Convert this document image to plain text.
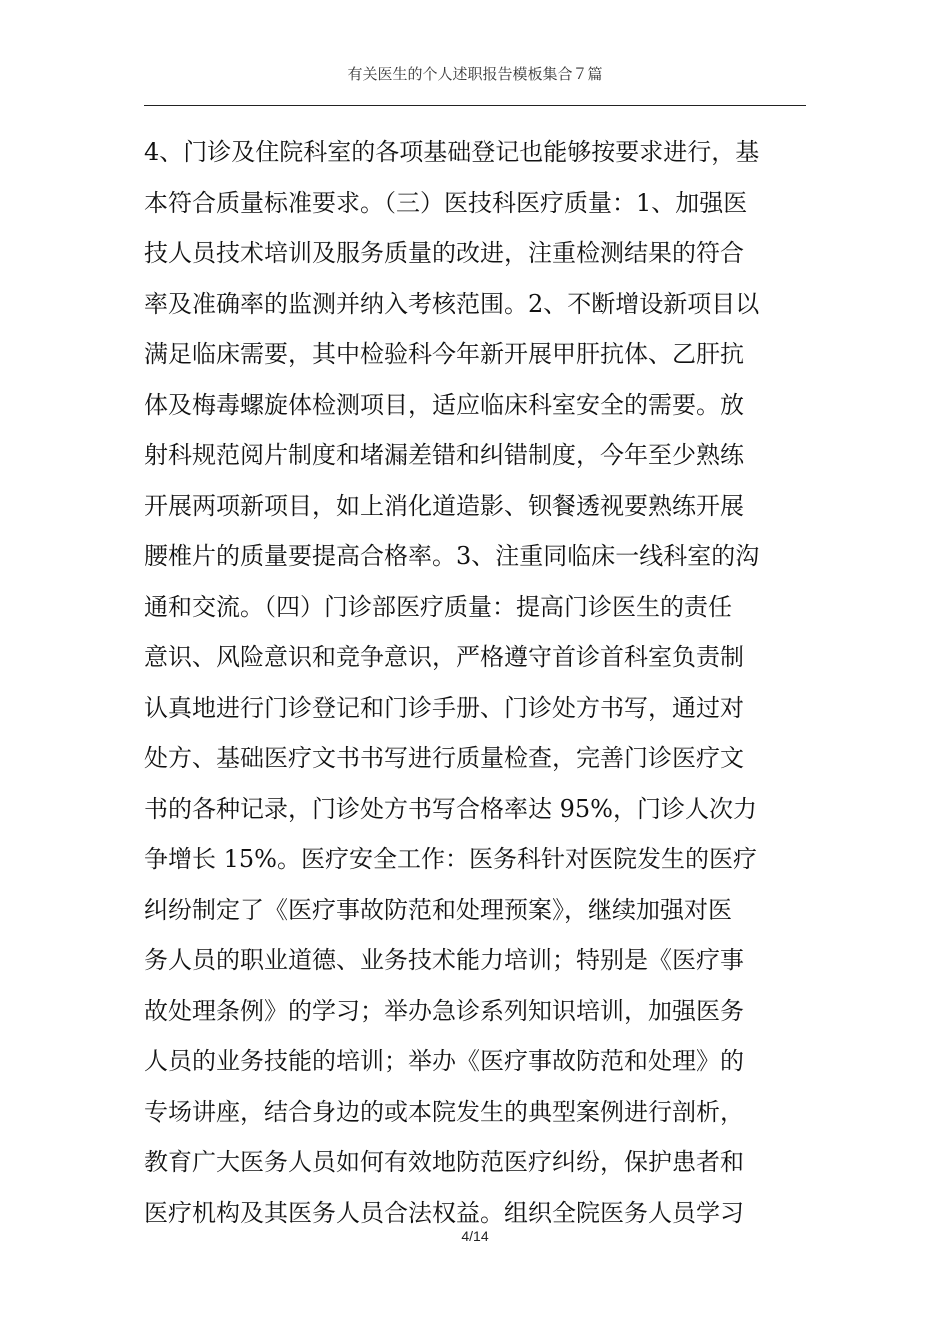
有关医生的个人述职报告模板集合７篇
4、门诊及住院科室的各项基础登记也能够按要求进行，基
本符合质量标准要求。（三）医技科医疗质量：1、加强医
技人员技术培训及服务质量的改进，注重检测结果的符合
率及准确率的监测并纳入考核范围。2、不断增设新项目以
满足临床需要，其中检验科今年新开展甲肝抗体、乙肝抗
体及梅毒螺旋体检测项目，适应临床科室安全的需要。放
射科规范阅片制度和堵漏差错和纠错制度，今年至少熟练
开展两项新项目，如上消化道造影、钡餐透视要熟练开展
腰椎片的质量要提高合格率。3、注重同临床一线科室的沟
通和交流。（四）门诊部医疗质量：提高门诊医生的责任
意识、风险意识和竞争意识，严格遵守首诊首科室负责制
认真地进行门诊登记和门诊手册、门诊处方书写，通过对
处方、基础医疗文书书写进行质量检查，完善门诊医疗文
书的各种记录，门诊处方书写合格率达 95%，门诊人次力
争增长 15%。医疗安全工作：医务科针对医院发生的医疗
纠纷制定了《医疗事故防范和处理预案》，继续加强对医
务人员的职业道德、业务技术能力培训；特别是《医疗事
故处理条例》的学习；举办急诊系列知识培训，加强医务
人员的业务技能的培训；举办《医疗事故防范和处理》的
专场讲座，结合身边的或本院发生的典型案例进行剖析，
教育广大医务人员如何有效地防范医疗纠纷，保护患者和
医疗机构及其医务人员合法权益。组织全院医务人员学习
4/14
